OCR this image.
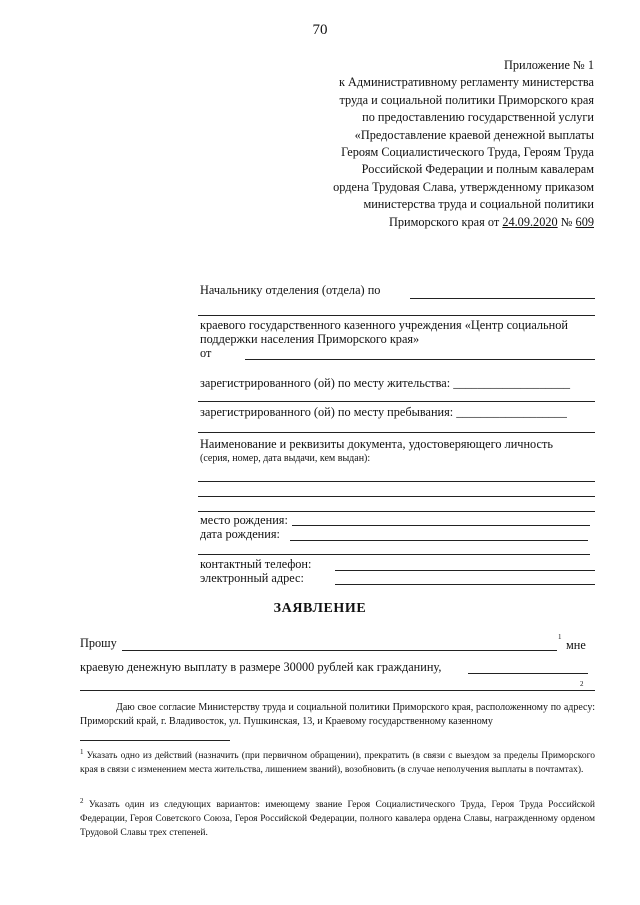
70
Приложение № 1
к Административному регламенту министерства
труда и социальной политики Приморского края
по предоставлению государственной услуги
«Предоставление краевой денежной выплаты
Героям Социалистического Труда, Героям Труда
Российской Федерации и полным кавалерам
ордена Трудовая Слава, утвержденному приказом
министерства труда и социальной политики
Приморского края от 24.09.2020 № 609
Начальнику отделения (отдела) по
краевого государственного казенного учреждения «Центр социальной
поддержки населения Приморского края»
от
зарегистрированного (ой) по месту жительства: ___________________
зарегистрированного (ой) по месту пребывания: __________________
Наименование и реквизиты документа, удостоверяющего личность
(серия, номер, дата выдачи, кем выдан):
место рождения:
дата рождения:
контактный телефон:
электронный адрес:
ЗАЯВЛЕНИЕ
Прошу	1
мне
краевую денежную выплату в размере 30000 рублей как гражданину,
2
Даю свое согласие Министерству труда и социальной политики Приморского края, расположенному по адресу: Приморский край, г. Владивосток, ул. Пушкинская, 13, и Краевому государственному казенному
$^1$ Указать одно из действий (назначить (при первичном обращении), прекратить (в связи с выездом за пределы Приморского края в связи с изменением места жительства, лишением званий), возобновить (в случае неполучения выплаты в почтамтах).
$^2$ Указать один из следующих вариантов: имеющему звание Героя Социалистического Труда, Героя Труда Российской Федерации, Героя Советского Союза, Героя Российской Федерации, полного кавалера ордена Славы, награжденному орденом Трудовой Славы трех степеней.
